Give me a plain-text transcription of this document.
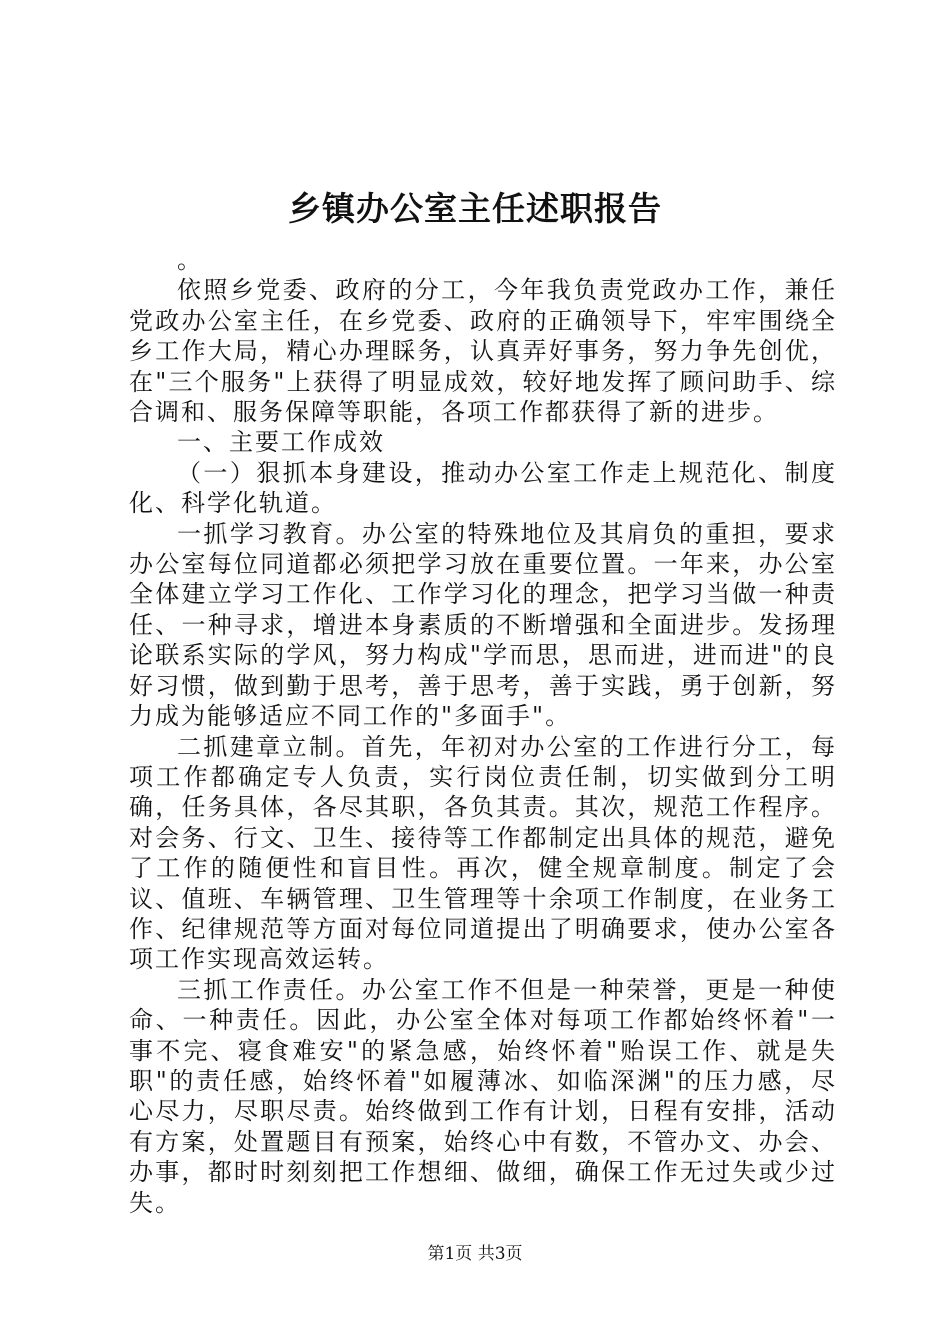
乡镇办公室主任述职报告

。

依照乡党委、政府的分工，今年我负责党政办工作，兼任党政办公室主任，在乡党委、政府的正确领导下，牢牢围绕全乡工作大局，精心办理睬务，认真弄好事务，努力争先创优，在"三个服务"上获得了明显成效，较好地发挥了顾问助手、综合调和、服务保障等职能，各项工作都获得了新的进步。

一、主要工作成效

（一）狠抓本身建设，推动办公室工作走上规范化、制度化、科学化轨道。

一抓学习教育。办公室的特殊地位及其肩负的重担，要求办公室每位同道都必须把学习放在重要位置。一年来，办公室全体建立学习工作化、工作学习化的理念，把学习当做一种责任、一种寻求，增进本身素质的不断增强和全面进步。发扬理论联系实际的学风，努力构成"学而思，思而进，进而进"的良好习惯，做到勤于思考，善于思考，善于实践，勇于创新，努力成为能够适应不同工作的"多面手"。

二抓建章立制。首先，年初对办公室的工作进行分工，每项工作都确定专人负责，实行岗位责任制，切实做到分工明确，任务具体，各尽其职，各负其责。其次，规范工作程序。对会务、行文、卫生、接待等工作都制定出具体的规范，避免了工作的随便性和盲目性。再次，健全规章制度。制定了会议、值班、车辆管理、卫生管理等十余项工作制度，在业务工作、纪律规范等方面对每位同道提出了明确要求，使办公室各项工作实现高效运转。

三抓工作责任。办公室工作不但是一种荣誉，更是一种使命、一种责任。因此，办公室全体对每项工作都始终怀着"一事不完、寝食难安"的紧急感，始终怀着"贻误工作、就是失职"的责任感，始终怀着"如履薄冰、如临深渊"的压力感，尽心尽力，尽职尽责。始终做到工作有计划，日程有安排，活动有方案，处置题目有预案，始终心中有数，不管办文、办会、办事，都时时刻刻把工作想细、做细，确保工作无过失或少过失。

第1页 共3页
